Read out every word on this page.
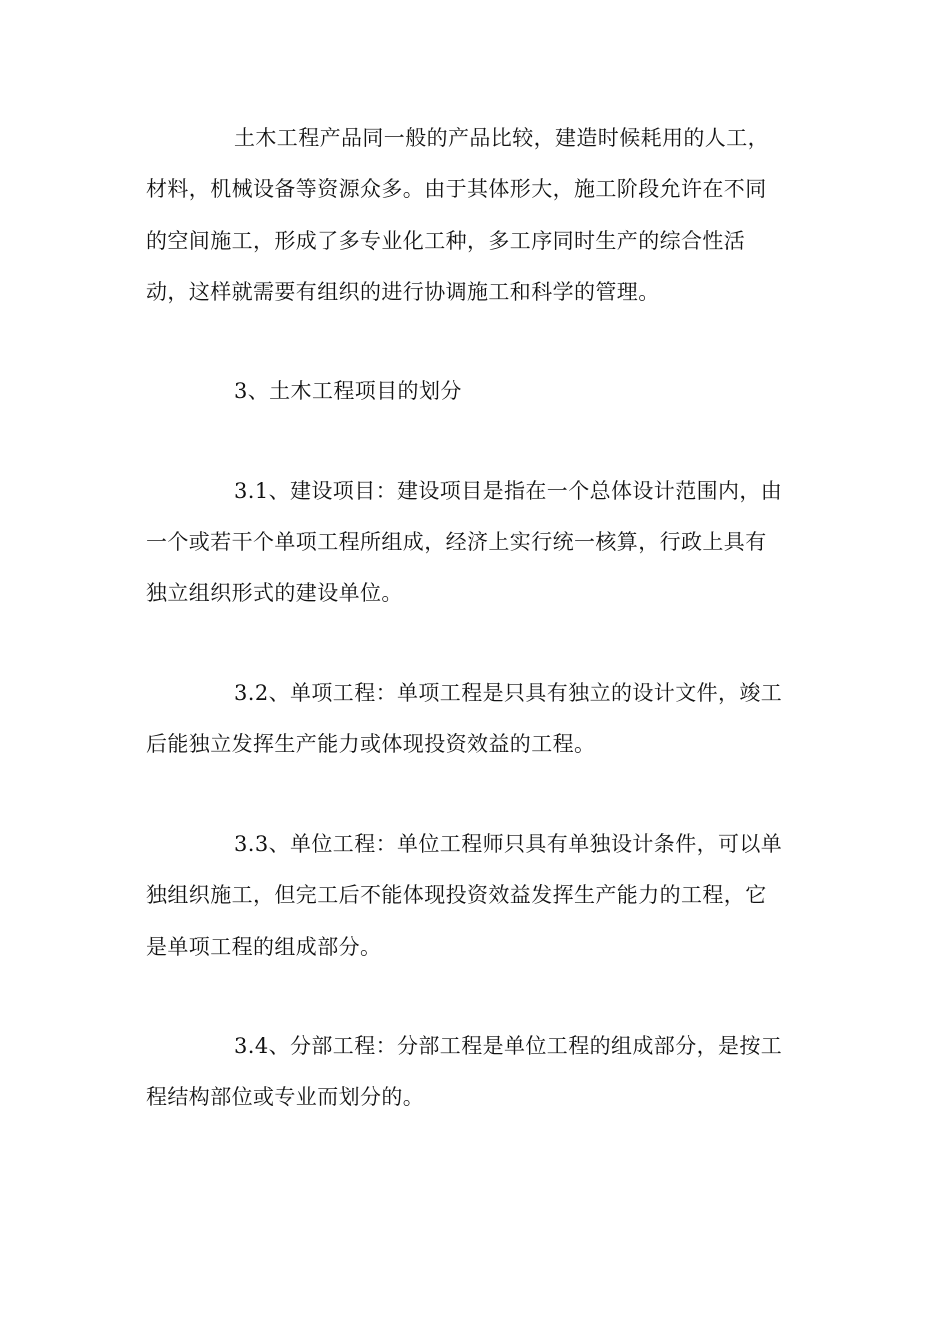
土木工程产品同一般的产品比较，建造时候耗用的人工，
材料，机械设备等资源众多。由于其体形大，施工阶段允许在不同
的空间施工，形成了多专业化工种，多工序同时生产的综合性活
动，这样就需要有组织的进行协调施工和科学的管理。
3、土木工程项目的划分
3.1、建设项目：建设项目是指在一个总体设计范围内，由
一个或若干个单项工程所组成，经济上实行统一核算，行政上具有
独立组织形式的建设单位。
3.2、单项工程：单项工程是只具有独立的设计文件，竣工
后能独立发挥生产能力或体现投资效益的工程。
3.3、单位工程：单位工程师只具有单独设计条件，可以单
独组织施工，但完工后不能体现投资效益发挥生产能力的工程，它
是单项工程的组成部分。
3.4、分部工程：分部工程是单位工程的组成部分，是按工
程结构部位或专业而划分的。
